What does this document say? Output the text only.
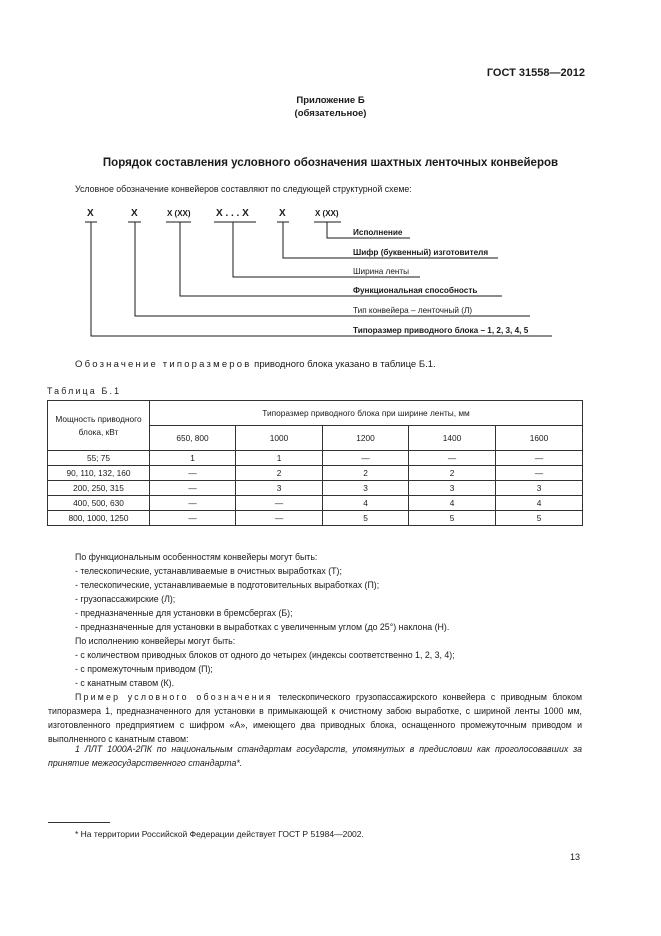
ГОСТ 31558—2012
Приложение Б
(обязательное)
Порядок составления условного обозначения шахтных ленточных конвейеров
Условное обозначение конвейеров составляют по следующей структурной схеме:
X	X	X (XX)	X . . . X	X	X (XX)
Исполнение
Шифр (буквенный) изготовителя
Ширина ленты
Функциональная способность
Тип конвейера – ленточный (Л)
Типоразмер приводного блока – 1, 2, 3, 4, 5
Обозначение типоразмеров приводного блока указано в таблице Б.1.
Таблица Б.1
Мощность приводного блока, кВт	Типоразмер приводного блока при ширине ленты, мм				
	650, 800	1000	1200	1400	1600
55; 75	1	1	—	—	—
90, 110, 132, 160	—	2	2	2	—
200, 250, 315	—	3	3	3	3
400, 500, 630	—	—	4	4	4
800, 1000, 1250	—	—	5	5	5
По функциональным особенностям конвейеры могут быть:
- телескопические, устанавливаемые в очистных выработках (Т);
- телескопические, устанавливаемые в подготовительных выработках (П);
- грузопассажирские (Л);
- предназначенные для установки в бремсбергах (Б);
- предназначенные для установки в выработках с увеличенным углом (до 25°) наклона (Н).
По исполнению конвейеры могут быть:
- с количеством приводных блоков от одного до четырех (индексы соответственно 1, 2, 3, 4);
- с промежуточным приводом (П);
- с канатным ставом (К).
Пример условного обозначения телескопического грузопассажирского конвейера с приводным блоком типоразмера 1, предназначенного для установки в примыкающей к очистному забою выработке, с шириной ленты 1000 мм, изготовленного предприятием с шифром «А», имеющего два приводных блока, оснащенного промежуточным приводом и выполненного с канатным ставом:
1 ЛЛТ 1000А-2ПК по национальным стандартам государств, упомянутых в предисловии как проголосовавших за принятие межгосударственного стандарта*.
* На территории Российской Федерации действует ГОСТ Р 51984—2002.
13
